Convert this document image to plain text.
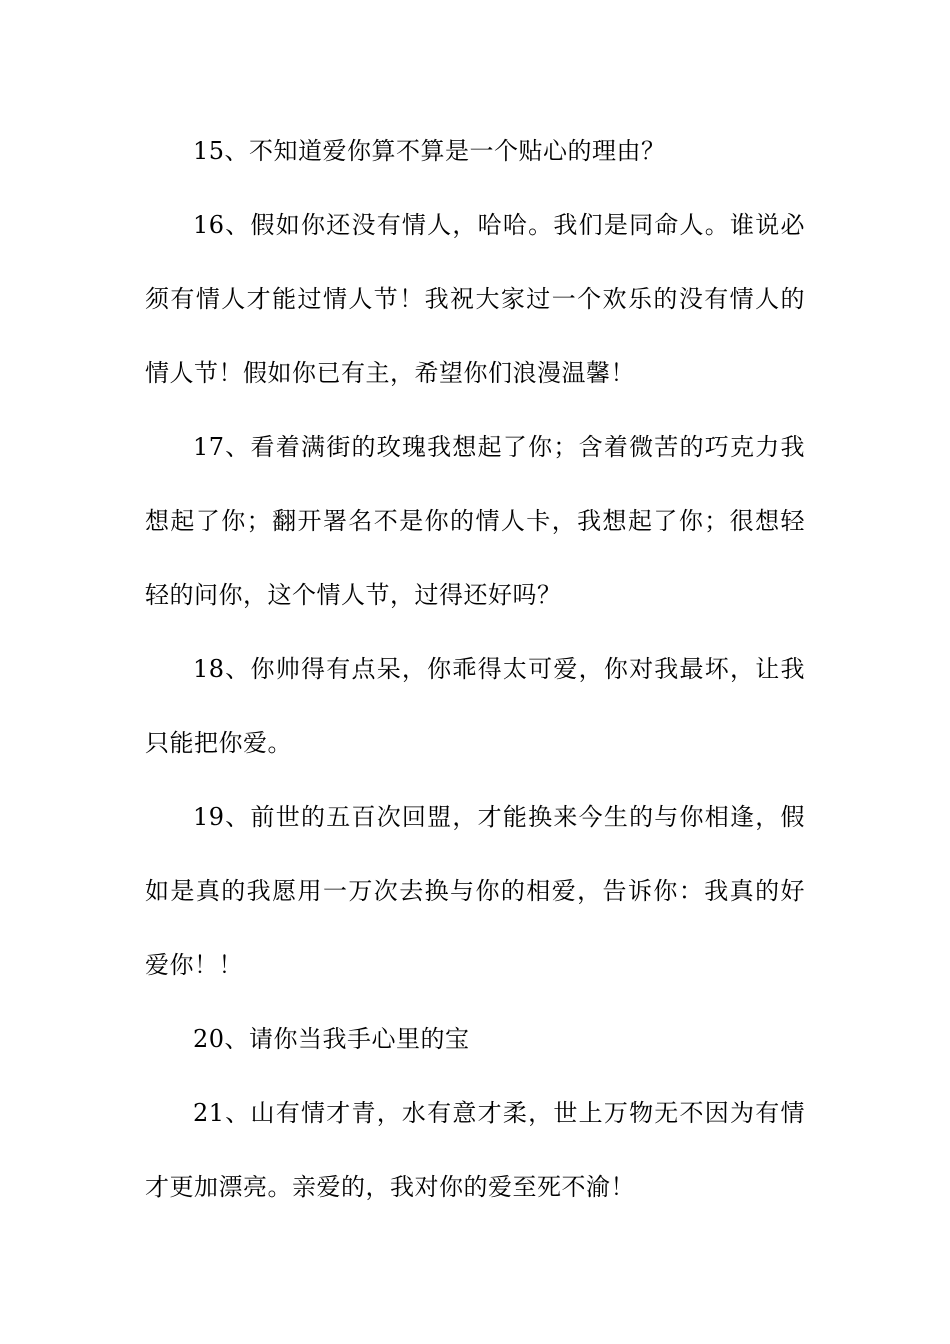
15、不知道爱你算不算是一个贴心的理由？

16、假如你还没有情人，哈哈。我们是同命人。谁说必须有情人才能过情人节！我祝大家过一个欢乐的没有情人的情人节！假如你已有主，希望你们浪漫温馨！

17、看着满街的玫瑰我想起了你；含着微苦的巧克力我想起了你；翻开署名不是你的情人卡，我想起了你；很想轻轻的问你，这个情人节，过得还好吗？

18、你帅得有点呆，你乖得太可爱，你对我最坏，让我只能把你爱。

19、前世的五百次回盟，才能换来今生的与你相逢，假如是真的我愿用一万次去换与你的相爱，告诉你：我真的好爱你！！

20、请你当我手心里的宝

21、山有情才青，水有意才柔，世上万物无不因为有情才更加漂亮。亲爱的，我对你的爱至死不渝！
